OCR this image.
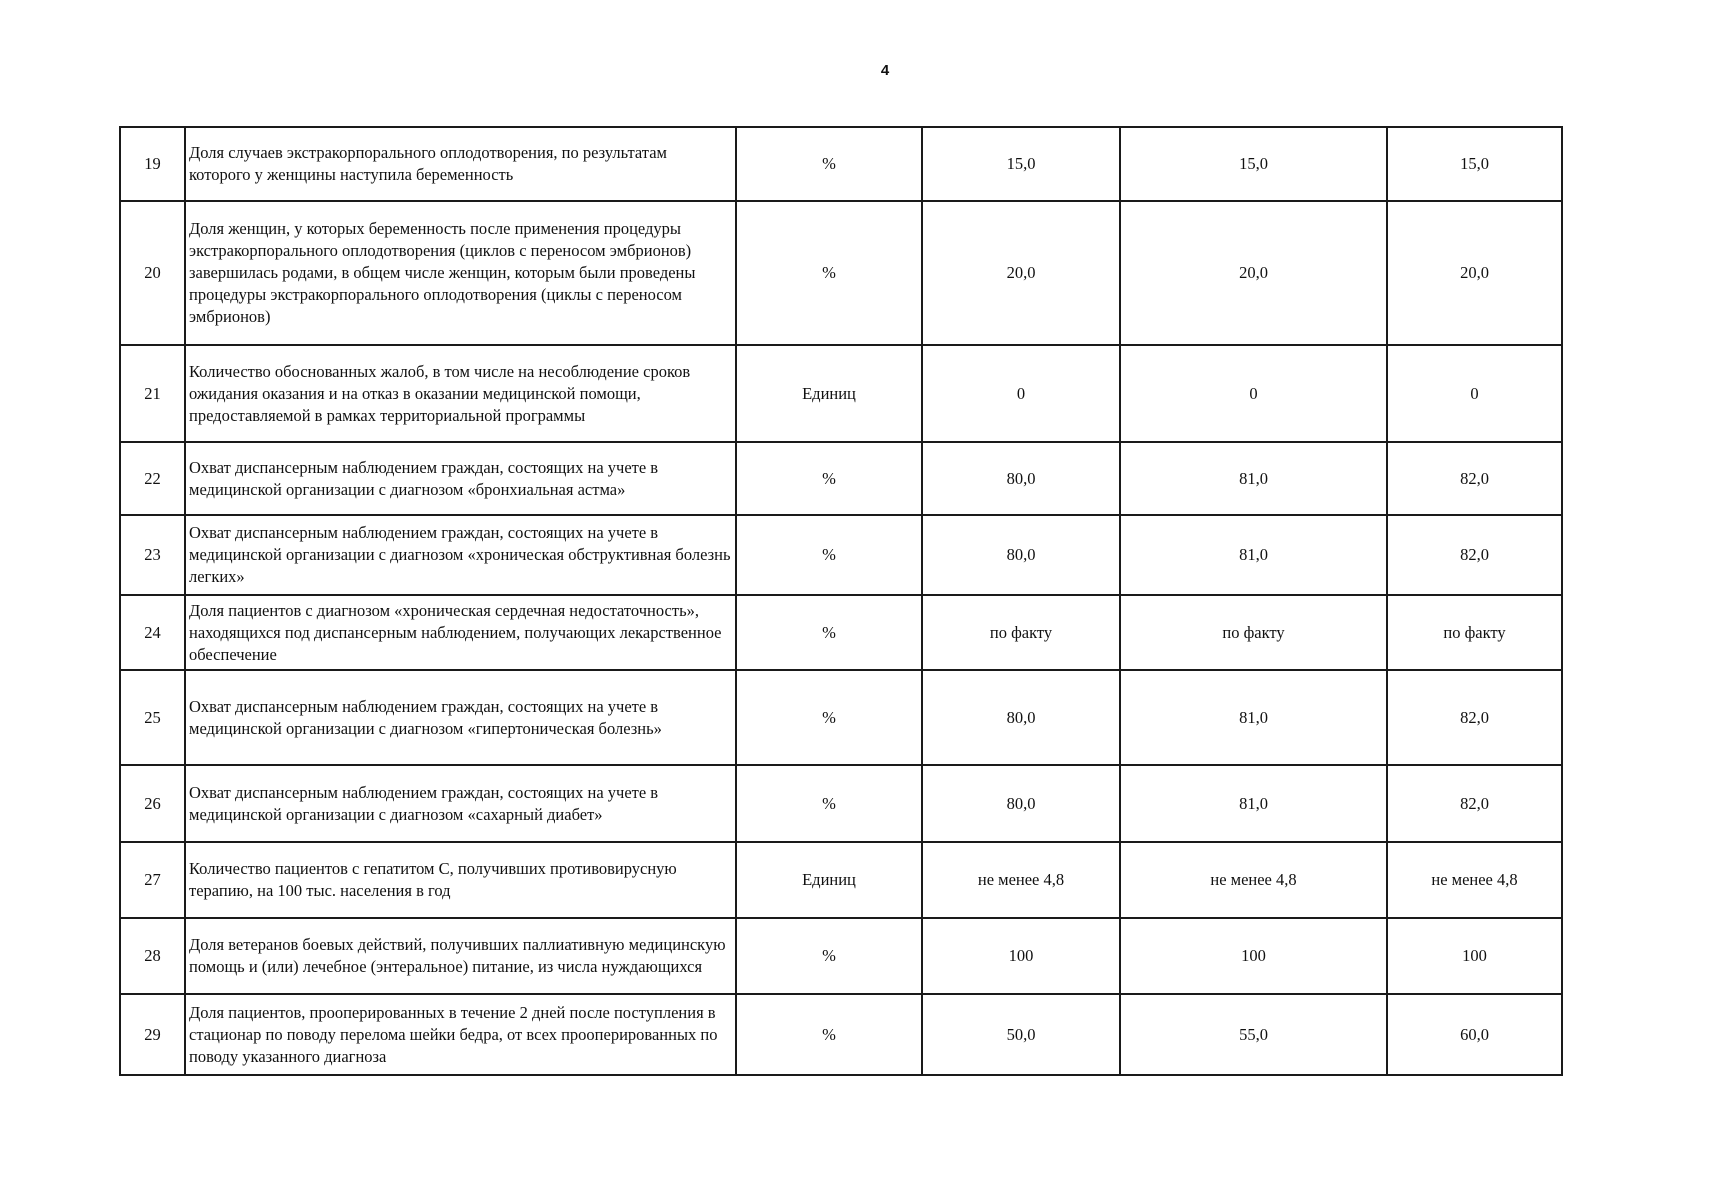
4
19	Доля случаев экстракорпорального оплодотворения, по результатам которого у женщины наступила беременность	%	15,0	15,0	15,0
20	Доля женщин, у которых беременность после применения процедуры экстракорпорального оплодотворения (циклов с переносом эмбрионов) завершилась родами, в общем числе женщин, которым были проведены процедуры экстракорпорального оплодотворения (циклы с переносом эмбрионов)	%	20,0	20,0	20,0
21	Количество обоснованных жалоб, в том числе на несоблюдение сроков ожидания оказания и на отказ в оказании медицинской помощи, предоставляемой в рамках территориальной программы	Единиц	0	0	0
22	Охват диспансерным наблюдением граждан, состоящих на учете в медицинской организации с диагнозом «бронхиальная астма»	%	80,0	81,0	82,0
23	Охват диспансерным наблюдением граждан, состоящих на учете в медицинской организации с диагнозом «хроническая обструктивная болезнь легких»	%	80,0	81,0	82,0
24	Доля пациентов с диагнозом «хроническая сердечная недостаточность», находящихся под диспансерным наблюдением, получающих лекарственное обеспечение	%	по факту	по факту	по факту
25	Охват диспансерным наблюдением граждан, состоящих на учете в медицинской организации с диагнозом «гипертоническая болезнь»	%	80,0	81,0	82,0
26	Охват диспансерным наблюдением граждан, состоящих на учете в медицинской организации с диагнозом «сахарный диабет»	%	80,0	81,0	82,0
27	Количество пациентов с гепатитом С, получивших противовирусную терапию, на 100 тыс. населения в год	Единиц	не менее 4,8	не менее 4,8	не менее 4,8
28	Доля ветеранов боевых действий, получивших паллиативную медицинскую помощь и (или) лечебное (энтеральное) питание, из числа нуждающихся	%	100	100	100
29	Доля пациентов, прооперированных в течение 2 дней после поступления в стационар по поводу перелома шейки бедра, от всех прооперированных по поводу указанного диагноза	%	50,0	55,0	60,0
